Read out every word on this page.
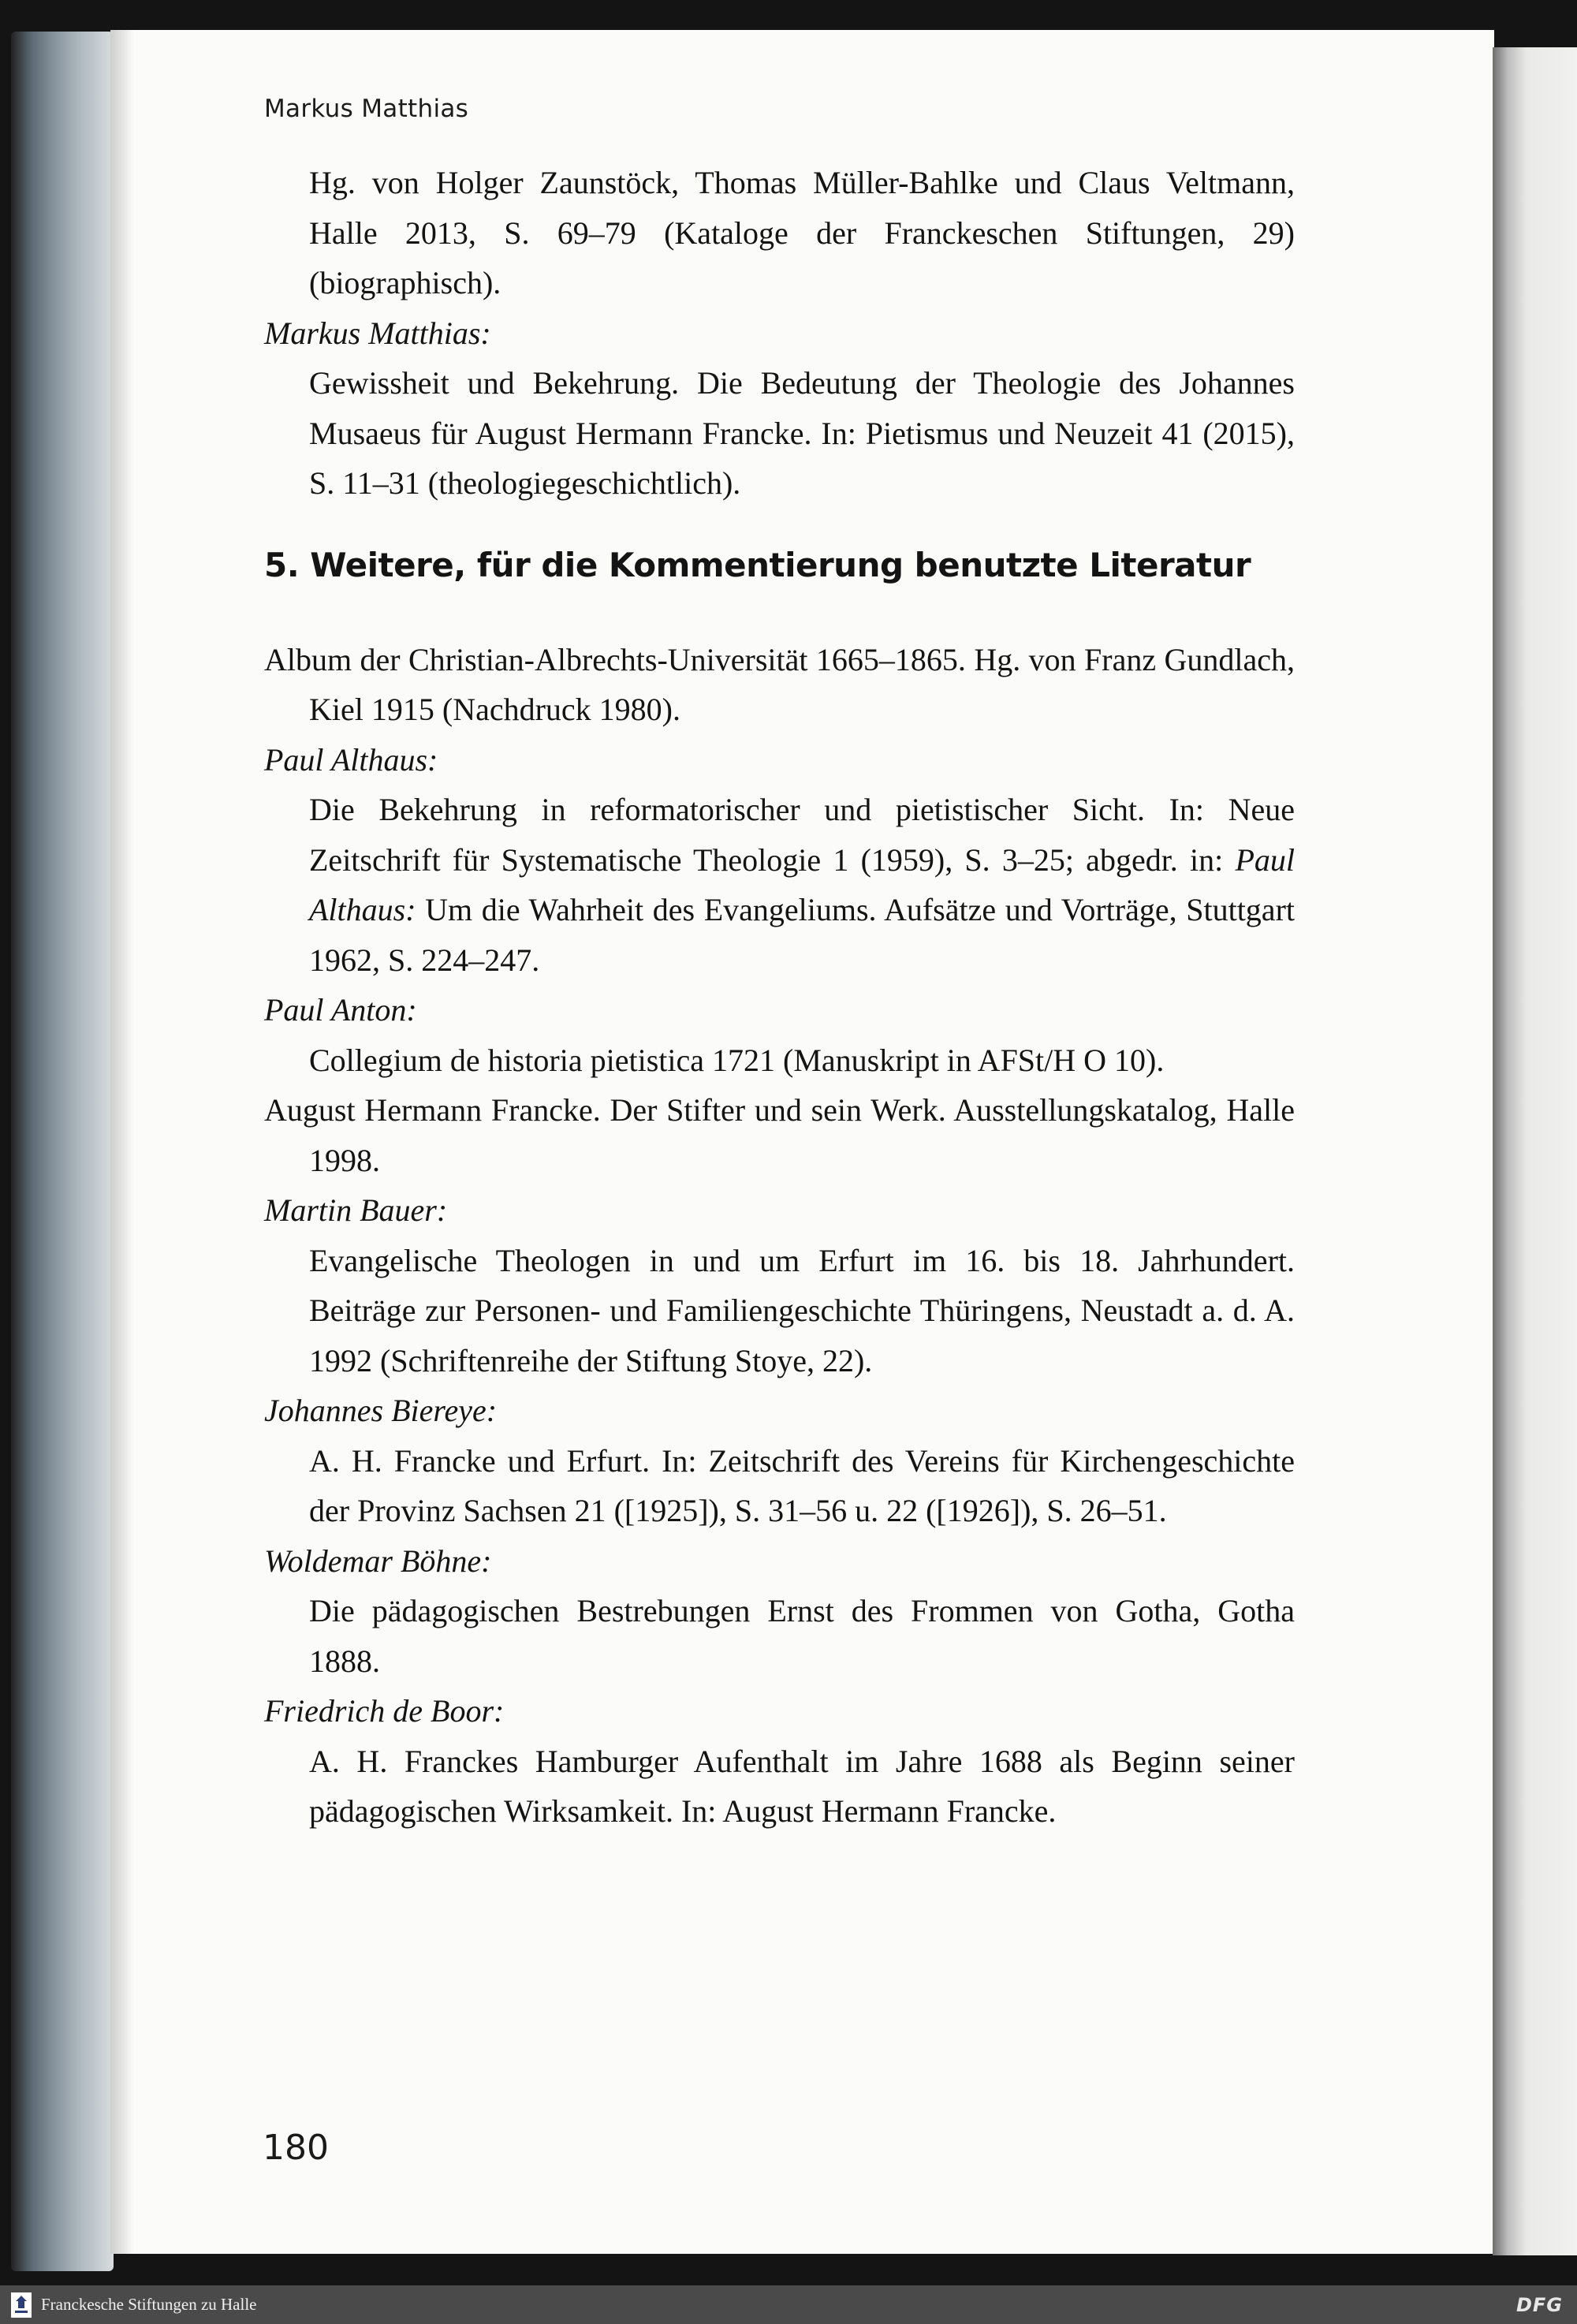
Markus Matthias

Hg. von Holger Zaunstöck, Thomas Müller-Bahlke und Claus Veltmann, Halle 2013, S. 69–79 (Kataloge der Franckeschen Stiftungen, 29) (biographisch).

Markus Matthias:

Gewissheit und Bekehrung. Die Bedeutung der Theologie des Johannes Musaeus für August Hermann Francke. In: Pietismus und Neuzeit 41 (2015), S. 11–31 (theologiegeschichtlich).

5. Weitere, für die Kommentierung benutzte Literatur

Album der Christian-Albrechts-Universität 1665–1865. Hg. von Franz Gundlach, Kiel 1915 (Nachdruck 1980).

Paul Althaus:

Die Bekehrung in reformatorischer und pietistischer Sicht. In: Neue Zeitschrift für Systematische Theologie 1 (1959), S. 3–25; abgedr. in: Paul Althaus: Um die Wahrheit des Evangeliums. Aufsätze und Vorträge, Stuttgart 1962, S. 224–247.

Paul Anton:

Collegium de historia pietistica 1721 (Manuskript in AFSt/H O 10).

August Hermann Francke. Der Stifter und sein Werk. Ausstellungskatalog, Halle 1998.

Martin Bauer:

Evangelische Theologen in und um Erfurt im 16. bis 18. Jahrhundert. Beiträge zur Personen- und Familiengeschichte Thüringens, Neustadt a. d. A. 1992 (Schriftenreihe der Stiftung Stoye, 22).

Johannes Biereye:

A. H. Francke und Erfurt. In: Zeitschrift des Vereins für Kirchengeschichte der Provinz Sachsen 21 ([1925]), S. 31–56 u. 22 ([1926]), S. 26–51.

Woldemar Böhne:

Die pädagogischen Bestrebungen Ernst des Frommen von Gotha, Gotha 1888.

Friedrich de Boor:

A. H. Franckes Hamburger Aufenthalt im Jahre 1688 als Beginn seiner pädagogischen Wirksamkeit. In: August Hermann Francke.

180
Franckesche Stiftungen zu Halle	DFG
